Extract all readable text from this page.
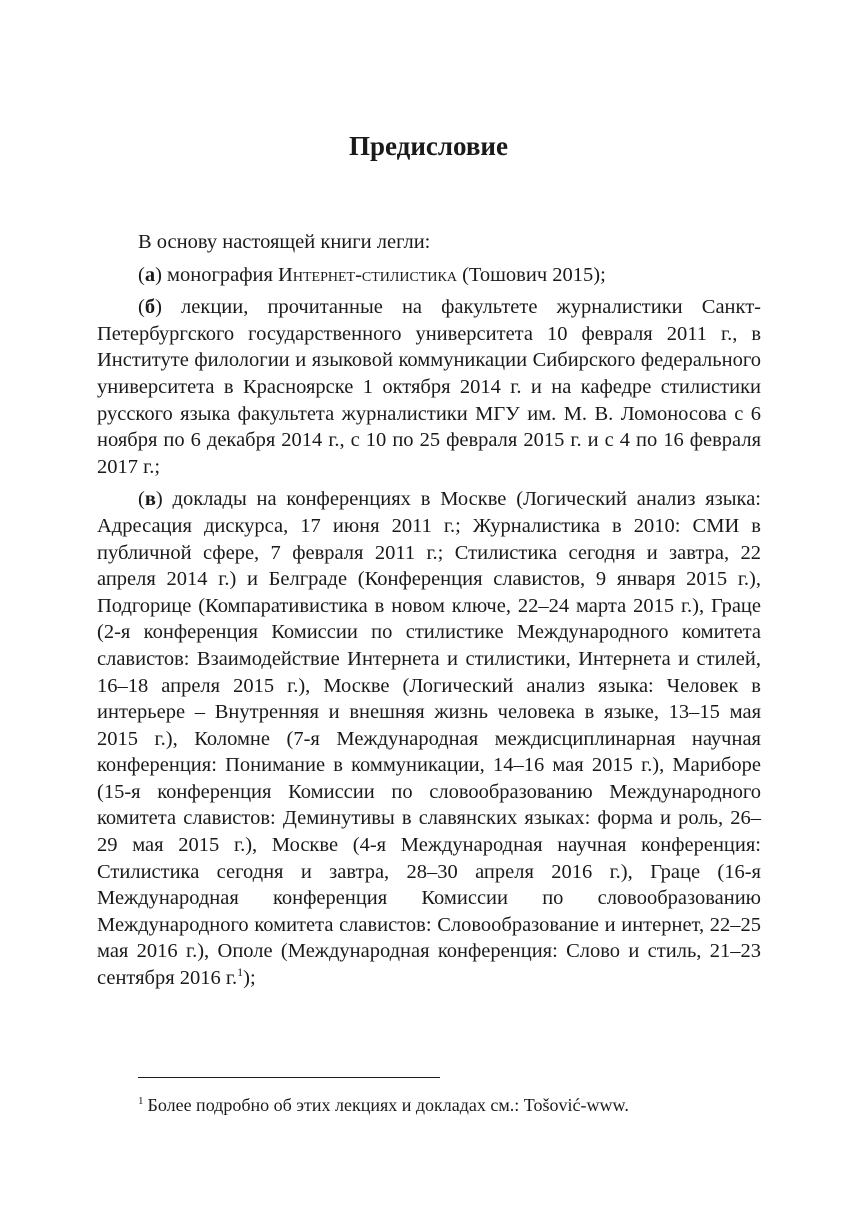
Предисловие

В основу настоящей книги легли:

(а) монография Интернет-стилистика (Тошович 2015);

(б) лекции, прочитанные на факультете журналистики Санкт-Петербургского государственного университета 10 февраля 2011 г., в Институте филологии и языковой коммуникации Сибирского федерального университета в Красноярске 1 октября 2014 г. и на кафедре стилистики русского языка факультета журналистики МГУ им. М. В. Ломоносова с 6 ноября по 6 декабря 2014 г., с 10 по 25 февраля 2015 г. и с 4 по 16 февраля 2017 г.;

(в) доклады на конференциях в Москве (Логический анализ языка: Адресация дискурса, 17 июня 2011 г.; Журналистика в 2010: СМИ в публичной сфере, 7 февраля 2011 г.; Стилистика сегодня и завтра, 22 апреля 2014 г.) и Белграде (Конференция славистов, 9 января 2015 г.), Подгорице (Компаративистика в новом ключе, 22–24 марта 2015 г.), Граце (2-я конференция Комиссии по стилистике Международного комитета славистов: Взаимодействие Интернета и стилистики, Интернета и стилей, 16–18 апреля 2015 г.), Москве (Логический анализ языка: Человек в интерьере – Внутренняя и внешняя жизнь человека в языке, 13–15 мая 2015 г.), Коломне (7-я Международная междисциплинарная научная конференция: Понимание в коммуникации, 14–16 мая 2015 г.), Мариборе (15-я конференция Комиссии по словообразованию Международного комитета славистов: Деминутивы в славянских языках: форма и роль, 26–29 мая 2015 г.), Москве (4-я Международная научная конференция: Стилистика сегодня и завтра, 28–30 апреля 2016 г.), Граце (16-я Международная конференция Комиссии по словообразованию Международного комитета славистов: Словообразование и интернет, 22–25 мая 2016 г.), Ополе (Международная конференция: Слово и стиль, 21–23 сентября 2016 г.$^1$);

$^1$ Более подробно об этих лекциях и докладах см.: Tošović-www.
